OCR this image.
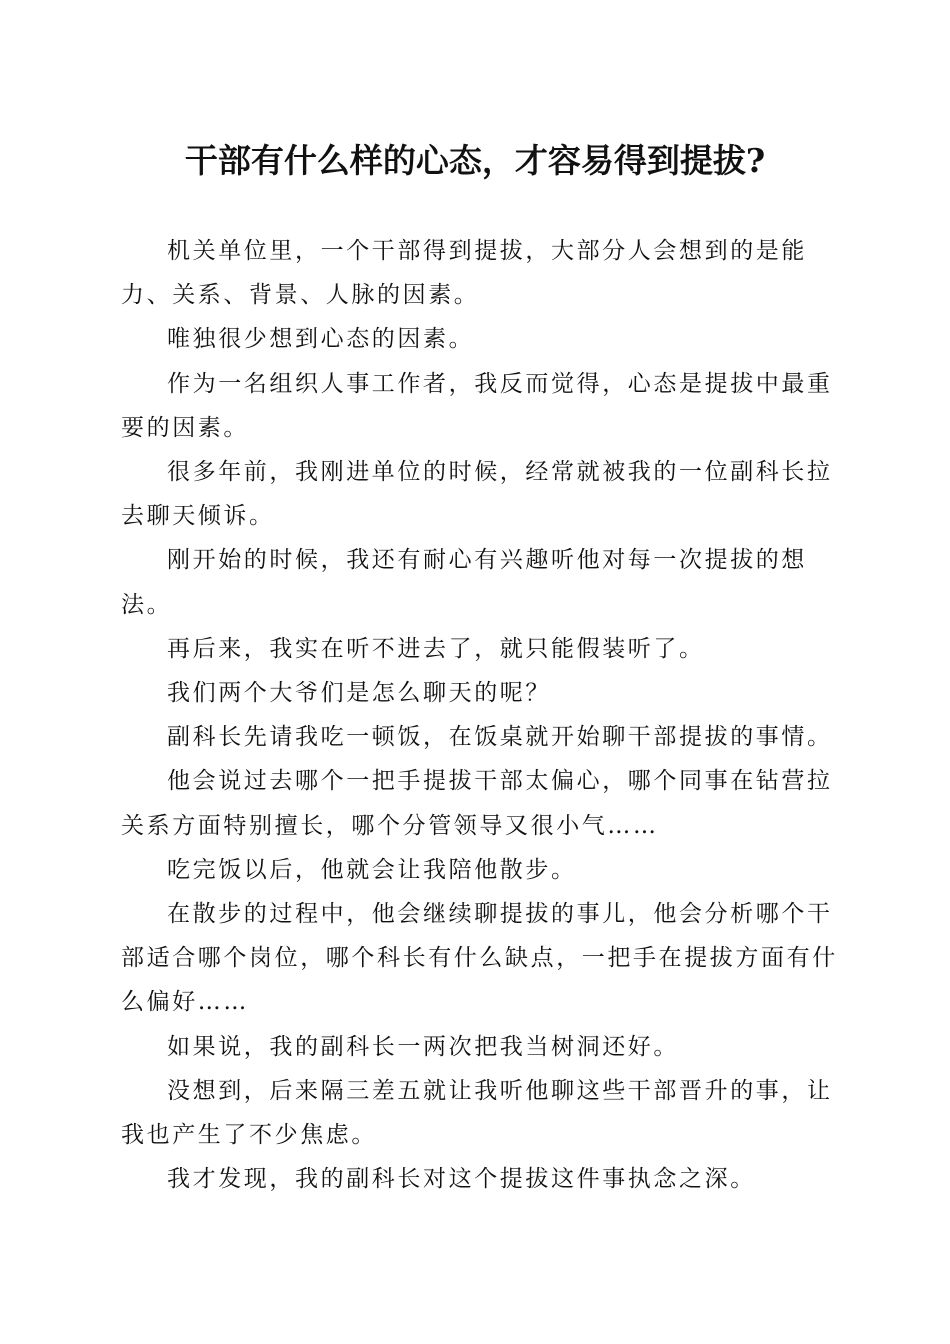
干部有什么样的心态，才容易得到提拔?

机关单位里，一个干部得到提拔，大部分人会想到的是能力、关系、背景、人脉的因素。

唯独很少想到心态的因素。

作为一名组织人事工作者，我反而觉得，心态是提拔中最重要的因素。

很多年前，我刚进单位的时候，经常就被我的一位副科长拉去聊天倾诉。

刚开始的时候，我还有耐心有兴趣听他对每一次提拔的想法。

再后来，我实在听不进去了，就只能假装听了。

我们两个大爷们是怎么聊天的呢？

副科长先请我吃一顿饭，在饭桌就开始聊干部提拔的事情。

他会说过去哪个一把手提拔干部太偏心，哪个同事在钻营拉关系方面特别擅长，哪个分管领导又很小气……

吃完饭以后，他就会让我陪他散步。

在散步的过程中，他会继续聊提拔的事儿，他会分析哪个干部适合哪个岗位，哪个科长有什么缺点，一把手在提拔方面有什么偏好……

如果说，我的副科长一两次把我当树洞还好。

没想到，后来隔三差五就让我听他聊这些干部晋升的事，让我也产生了不少焦虑。

我才发现，我的副科长对这个提拔这件事执念之深。
